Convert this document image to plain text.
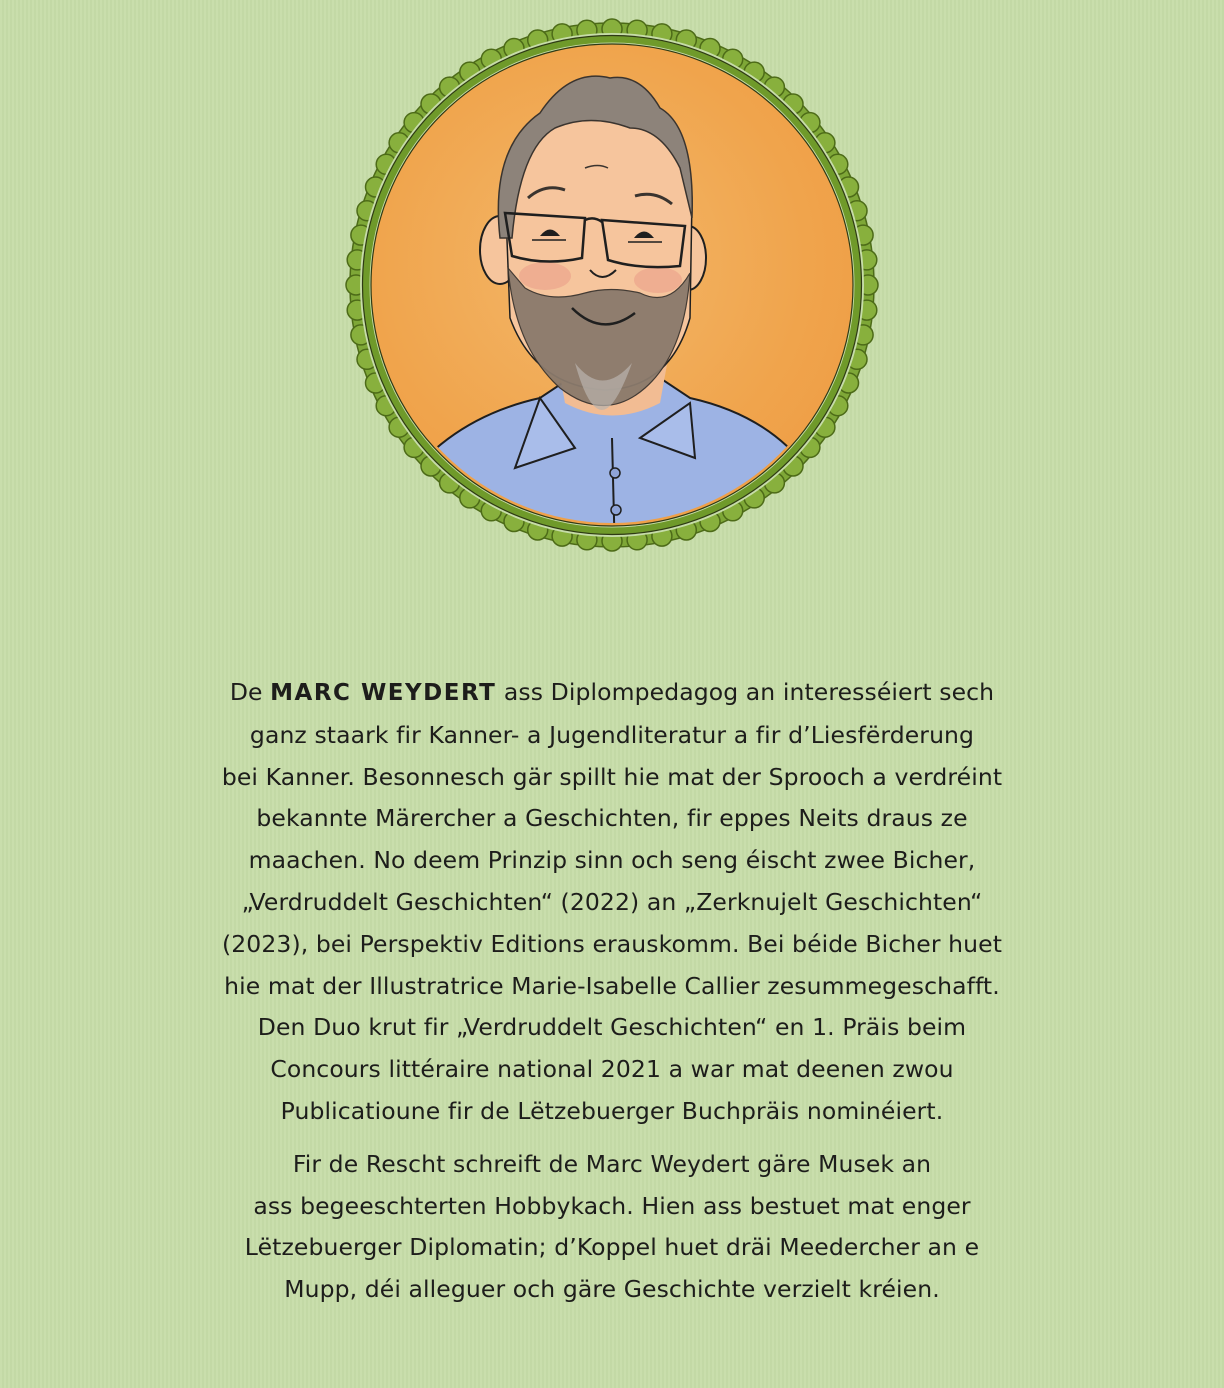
De MARC WEYDERT ass Diplompedagog an interesséiert sech
ganz staark fir Kanner- a Jugendliteratur a fir d’Liesfërderung
bei Kanner. Besonnesch gär spillt hie mat der Sprooch a verdréint
bekannte Märercher a Geschichten, fir eppes Neits draus ze
maachen. No deem Prinzip sinn och seng éischt zwee Bicher,
„Verdruddelt Geschichten“ (2022) an „Zerknujelt Geschichten“
(2023), bei Perspektiv Editions erauskomm. Bei béide Bicher huet
hie mat der Illustratrice Marie-Isabelle Callier zesummegeschafft.
Den Duo krut fir „Verdruddelt Geschichten“ en 1. Präis beim
Concours littéraire national 2021 a war mat deenen zwou
Publicatioune fir de Lëtzebuerger Buchpräis nominéiert.

Fir de Rescht schreift de Marc Weydert gäre Musek an
ass begeeschterten Hobbykach. Hien ass bestuet mat enger
Lëtzebuerger Diplomatin; d’Koppel huet dräi Meedercher an e
Mupp, déi alleguer och gäre Geschichte verzielt kréien.
